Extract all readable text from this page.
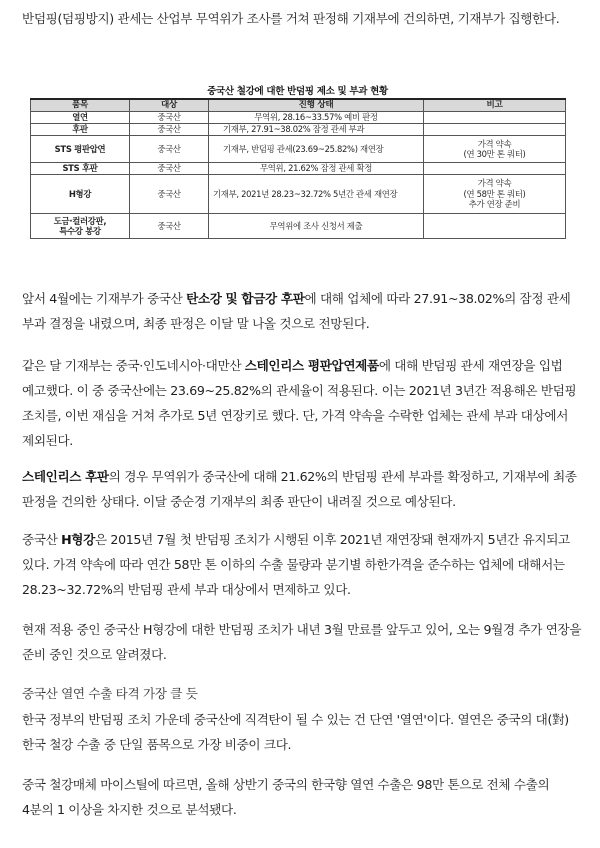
반덤핑(덤핑방지) 관세는 산업부 무역위가 조사를 거쳐 판정해 기재부에 건의하면, 기재부가 집행한다.

중국산 철강에 대한 반덤핑 제소 및 부과 현황
품목	대상	진행 상태	비고
열연	중국산	무역위, 28.16~33.57% 예비 판정	
후판	중국산	기재부, 27.91~38.02% 잠정 관세 부과	
STS 평판압연	중국산	기재부, 반덤핑 관세(23.69~25.82%) 재연장	가격 약속
(연 30만 톤 쿼터)

STS 후판	중국산	무역위, 21.62% 잠정 관세 확정	
H형강	중국산	기재부, 2021년 28.23~32.72% 5년간 관세 재연장	가격 약속
(연 58만 톤 쿼터)
추가 연장 준비

도금·컬러강판,
특수강 봉강	중국산	무역위에 조사 신청서 제출	

앞서 4월에는 기재부가 중국산 탄소강 및 합금강 후판에 대해 업체에 따라 27.91~38.02%의 잠정 관세 부과 결정을 내렸으며, 최종 판정은 이달 말 나올 것으로 전망된다.

같은 달 기재부는 중국·인도네시아·대만산 스테인리스 평판압연제품에 대해 반덤핑 관세 재연장을 입법 예고했다. 이 중 중국산에는 23.69~25.82%의 관세율이 적용된다. 이는 2021년 3년간 적용해온 반덤핑 조치를, 이번 재심을 거쳐 추가로 5년 연장키로 했다. 단, 가격 약속을 수락한 업체는 관세 부과 대상에서 제외된다.

스테인리스 후판의 경우 무역위가 중국산에 대해 21.62%의 반덤핑 관세 부과를 확정하고, 기재부에 최종 판정을 건의한 상태다. 이달 중순경 기재부의 최종 판단이 내려질 것으로 예상된다.

중국산 H형강은 2015년 7월 첫 반덤핑 조치가 시행된 이후 2021년 재연장돼 현재까지 5년간 유지되고 있다. 가격 약속에 따라 연간 58만 톤 이하의 수출 물량과 분기별 하한가격을 준수하는 업체에 대해서는 28.23~32.72%의 반덤핑 관세 부과 대상에서 면제하고 있다.

현재 적용 중인 중국산 H형강에 대한 반덤핑 조치가 내년 3월 만료를 앞두고 있어, 오는 9월경 추가 연장을 준비 중인 것으로 알려졌다.

중국산 열연 수출 타격 가장 클 듯

한국 정부의 반덤핑 조치 가운데 중국산에 직격탄이 될 수 있는 건 단연 '열연'이다. 열연은 중국의 대(對)한국 철강 수출 중 단일 품목으로 가장 비중이 크다.

중국 철강매체 마이스틸에 따르면, 올해 상반기 중국의 한국향 열연 수출은 98만 톤으로 전체 수출의 4분의 1 이상을 차지한 것으로 분석됐다.
